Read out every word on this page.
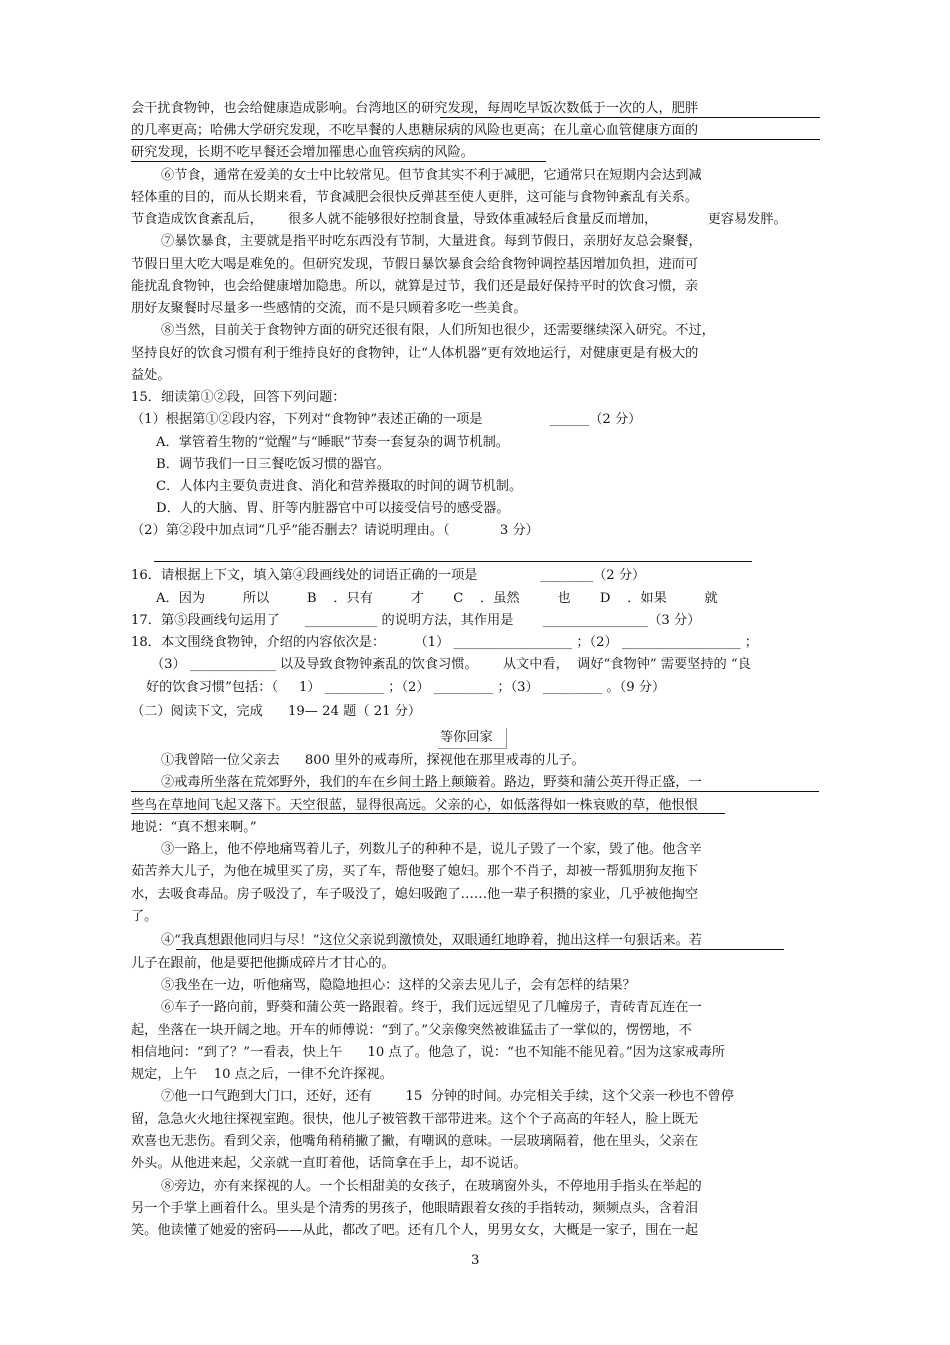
会干扰食物钟，也会给健康造成影响。台湾地区的研究发现，每周吃早饭次数低于一次的人，肥胖
的几率更高；哈佛大学研究发现，不吃早餐的人患糖尿病的风险也更高；在儿童心血管健康方面的
研究发现，长期不吃早餐还会增加罹患心血管疾病的风险。
⑥节食，通常在爱美的女士中比较常见。但节食其实不利于减肥，它通常只在短期内会达到减
轻体重的目的，而从长期来看，节食减肥会很快反弹甚至使人更胖，这可能与食物钟紊乱有关系。
节食造成饮食紊乱后，      很多人就不能够很好控制食量，导致体重减轻后食量反而增加，            更容易发胖。
⑦暴饮暴食，主要就是指平时吃东西没有节制，大量进食。每到节假日，亲朋好友总会聚餐，
节假日里大吃大喝是难免的。但研究发现，节假日暴饮暴食会给食物钟调控基因增加负担，进而可
能扰乱食物钟，也会给健康增加隐患。所以，就算是过节，我们还是最好保持平时的饮食习惯，亲
朋好友聚餐时尽量多一些感情的交流，而不是只顾着多吃一些美食。
⑧当然，目前关于食物钟方面的研究还很有限，人们所知也很少，还需要继续深入研究。不过，
坚持良好的饮食习惯有利于维持良好的食物钟，让“人体机器”更有效地运行，对健康更是有极大的
益处。
15．细读第①②段，回答下列问题：
（1）根据第①②段内容，下列对“食物钟”表述正确的一项是                ______（2 分）
A．掌管着生物的“觉醒”与“睡眠”节奏一套复杂的调节机制。
B．调节我们一日三餐吃饭习惯的器官。
C．人体内主要负责进食、消化和营养摄取的时间的调节机制。
D．人的大脑、胃、肝等内脏器官中可以接受信号的感受器。
（2）第②段中加点词“几乎”能否删去？请说明理由。（            3 分）
16．请根据上下文，填入第④段画线处的词语正确的一项是               ________（2 分）
A．因为         所以         B    ．只有         才       C    ．虽然         也       D    ．如果         就
17．第⑤段画线句运用了      ___________ 的说明方法，其作用是       ________________（3 分）
18．本文围绕食物钟，介绍的内容依次是：       （1） __________________ ；（2） __________________ ；
（3） _____________ 以及导致食物钟紊乱的饮食习惯。      从文中看，  调好“食物钟” 需要坚持的 “良
好的饮食习惯”包括：（     1） _________ ；（2） _________ ；（3） _________ 。（9 分）
（二）阅读下文，完成      19— 24 题（ 21 分）
等你回家
①我曾陪一位父亲去      800 里外的戒毒所，探视他在那里戒毒的儿子。
②戒毒所坐落在荒郊野外，我们的车在乡间土路上颠簸着。路边，野葵和蒲公英开得正盛，一
些鸟在草地间飞起又落下。天空很蓝，显得很高远。父亲的心，如低落得如一株衰败的草，他恨恨
地说：“真不想来啊。”
③一路上，他不停地痛骂着儿子，列数儿子的种种不是，说儿子毁了一个家，毁了他。他含辛
茹苦养大儿子，为他在城里买了房，买了车，帮他娶了媳妇。那个不肖子，却被一帮狐朋狗友拖下
水，去吸食毒品。房子吸没了，车子吸没了，媳妇吸跑了……他一辈子积攒的家业，几乎被他掏空
了。
④“我真想跟他同归与尽！”这位父亲说到激愤处，双眼通红地睁着，抛出这样一句狠话来。若
儿子在跟前，他是要把他撕成碎片才甘心的。
⑤我坐在一边，听他痛骂，隐隐地担心：这样的父亲去见儿子，会有怎样的结果？
⑥车子一路向前，野葵和蒲公英一路跟着。终于，我们远远望见了几幢房子，青砖青瓦连在一
起，坐落在一块开阔之地。开车的师傅说：“到了。”父亲像突然被谁猛击了一掌似的，愣愣地，不
相信地问：“到了？”一看表，快上午      10 点了。他急了，说：“也不知能不能见着。”因为这家戒毒所
规定，上午    10 点之后，一律不允许探视。
⑦他一口气跑到大门口，还好，还有        15  分钟的时间。办完相关手续，这个父亲一秒也不曾停
留，急急火火地往探视室跑。很快，他儿子被管教干部带进来。这个个子高高的年轻人，脸上既无
欢喜也无悲伤。看到父亲，他嘴角稍稍撇了撇，有嘲讽的意味。一层玻璃隔着，他在里头，父亲在
外头。从他进来起，父亲就一直盯着他，话筒拿在手上，却不说话。
⑧旁边，亦有来探视的人。一个长相甜美的女孩子，在玻璃窗外头，不停地用手指头在举起的
另一个手掌上画着什么。里头是个清秀的男孩子，他眼睛跟着女孩的手指转动，频频点头，含着泪
笑。他读懂了她爱的密码——从此，都改了吧。还有几个人，男男女女，大概是一家子，围在一起
3
